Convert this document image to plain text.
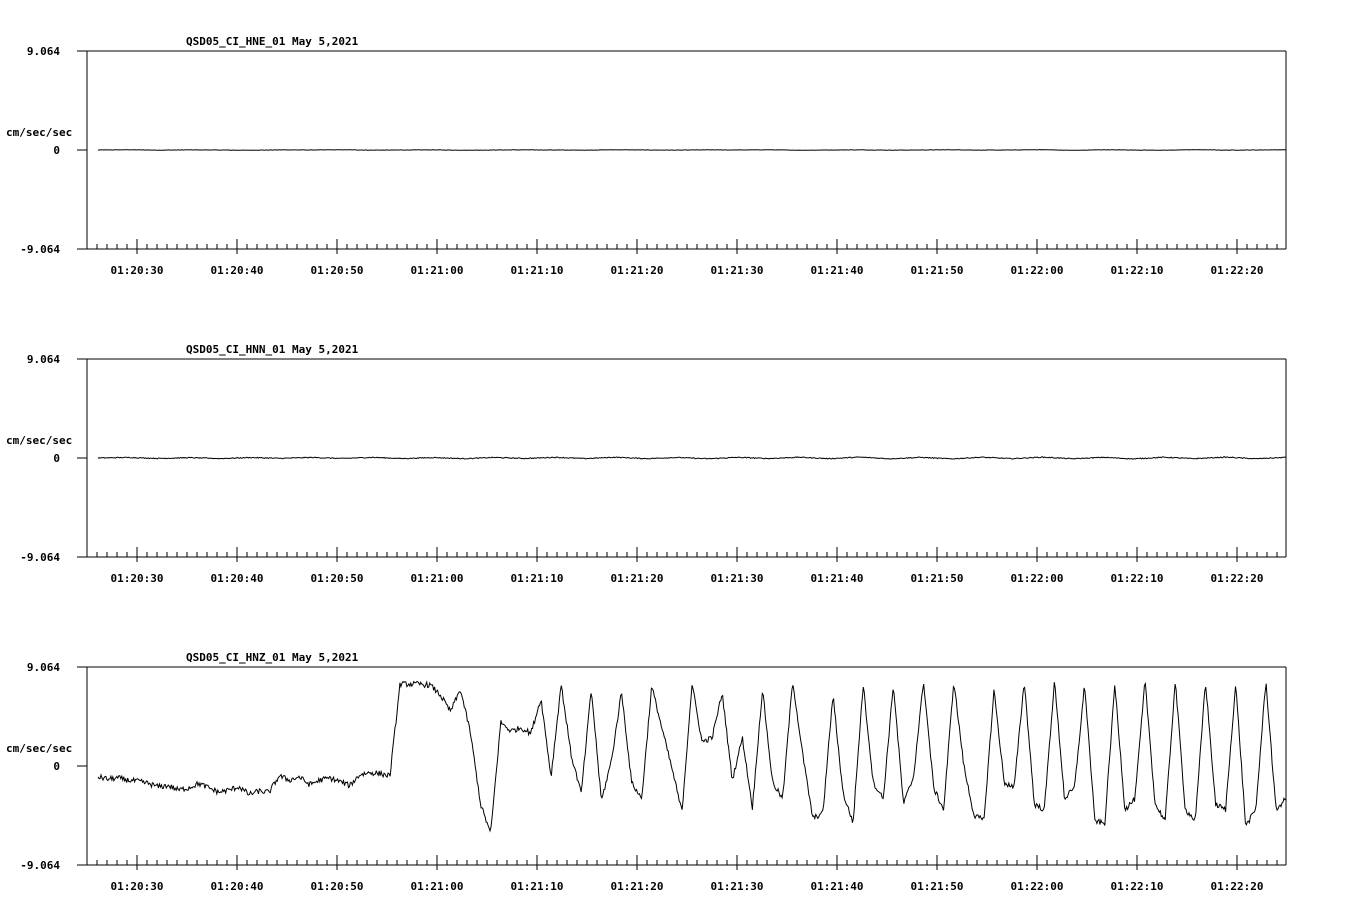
QSD05_CI_HNE_01 May 5,2021
cm/sec/sec
9.064
0
-9.064
01:20:30	01:20:40	01:20:50	01:21:00	01:21:10	01:21:20	01:21:30	01:21:40	01:21:50	01:22:00	01:22:10	01:22:20
QSD05_CI_HNN_01 May 5,2021
cm/sec/sec
9.064
0
-9.064
01:20:30	01:20:40	01:20:50	01:21:00	01:21:10	01:21:20	01:21:30	01:21:40	01:21:50	01:22:00	01:22:10	01:22:20
QSD05_CI_HNZ_01 May 5,2021
cm/sec/sec
9.064
0
-9.064
01:20:30	01:20:40	01:20:50	01:21:00	01:21:10	01:21:20	01:21:30	01:21:40	01:21:50	01:22:00	01:22:10	01:22:20
